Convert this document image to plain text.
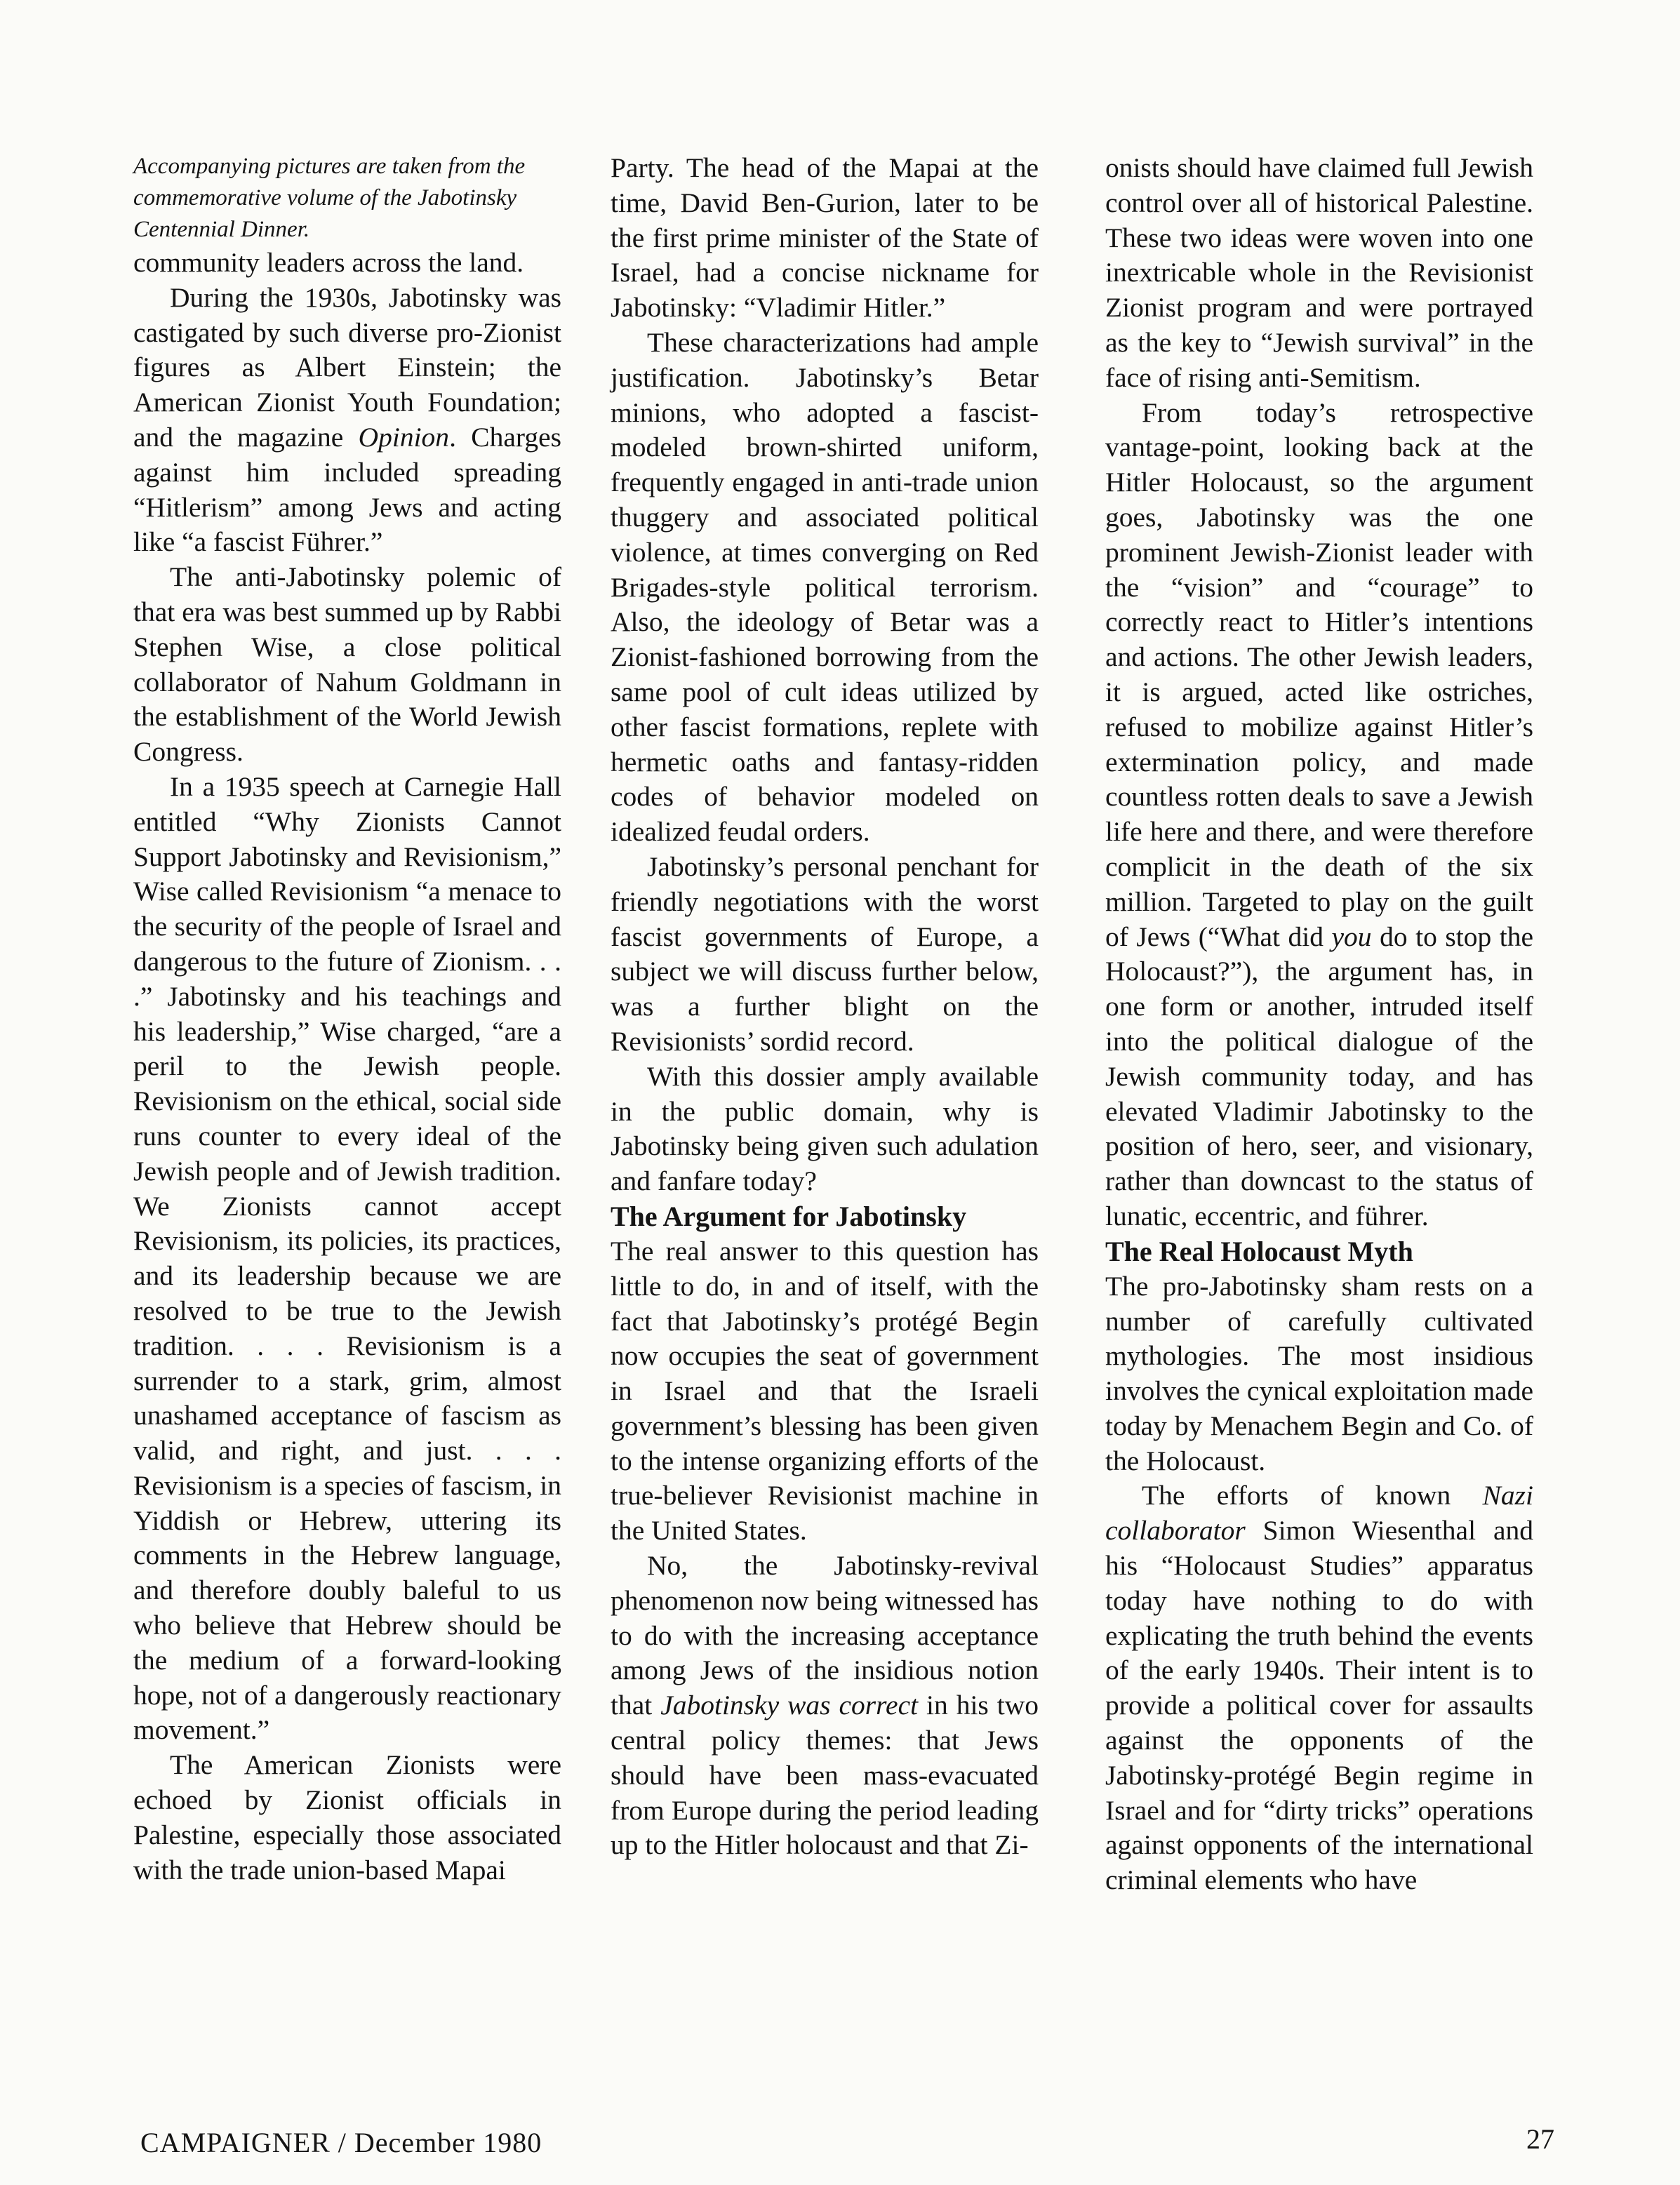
Accompanying pictures are taken from the commemorative volume of the Jabotinsky Centennial Dinner.

community leaders across the land.

During the 1930s, Jabotinsky was castigated by such diverse pro-Zionist figures as Albert Einstein; the American Zionist Youth Foundation; and the magazine Opinion. Charges against him included spreading “Hitlerism” among Jews and acting like “a fascist Führer.”

The anti-Jabotinsky polemic of that era was best summed up by Rabbi Stephen Wise, a close political collaborator of Nahum Goldmann in the establishment of the World Jewish Congress.

In a 1935 speech at Carnegie Hall entitled “Why Zionists Cannot Support Jabotinsky and Revisionism,” Wise called Revisionism “a menace to the security of the people of Israel and dangerous to the future of Zionism. . . .” Jabotinsky and his teachings and his leadership,” Wise charged, “are a peril to the Jewish people. Revisionism on the ethical, social side runs counter to every ideal of the Jewish people and of Jewish tradition. We Zionists cannot accept Revisionism, its policies, its practices, and its leadership because we are resolved to be true to the Jewish tradition. . . . Revisionism is a surrender to a stark, grim, almost unashamed acceptance of fascism as valid, and right, and just. . . . Revisionism is a species of fascism, in Yiddish or Hebrew, uttering its comments in the Hebrew language, and therefore doubly baleful to us who believe that Hebrew should be the medium of a forward-looking hope, not of a dangerously reactionary movement.”

The American Zionists were echoed by Zionist officials in Palestine, especially those associated with the trade union-based Mapai

Party. The head of the Mapai at the time, David Ben-Gurion, later to be the first prime minister of the State of Israel, had a concise nickname for Jabotinsky: “Vladimir Hitler.”

These characterizations had ample justification. Jabotinsky’s Betar minions, who adopted a fascist-modeled brown-shirted uniform, frequently engaged in anti-trade union thuggery and associated political violence, at times converging on Red Brigades-style political terrorism. Also, the ideology of Betar was a Zionist-fashioned borrowing from the same pool of cult ideas utilized by other fascist formations, replete with hermetic oaths and fantasy-ridden codes of behavior modeled on idealized feudal orders.

Jabotinsky’s personal penchant for friendly negotiations with the worst fascist governments of Europe, a subject we will discuss further below, was a further blight on the Revisionists’ sordid record.

With this dossier amply available in the public domain, why is Jabotinsky being given such adulation and fanfare today?

The Argument for Jabotinsky

The real answer to this question has little to do, in and of itself, with the fact that Jabotinsky’s protégé Begin now occupies the seat of government in Israel and that the Israeli government’s blessing has been given to the intense organizing efforts of the true-believer Revisionist machine in the United States.

No, the Jabotinsky-revival phenomenon now being witnessed has to do with the increasing acceptance among Jews of the insidious notion that Jabotinsky was correct in his two central policy themes: that Jews should have been mass-evacuated from Europe during the period leading up to the Hitler holocaust and that Zi-

onists should have claimed full Jewish control over all of historical Palestine. These two ideas were woven into one inextricable whole in the Revisionist Zionist program and were portrayed as the key to “Jewish survival” in the face of rising anti-Semitism.

From today’s retrospective vantage-point, looking back at the Hitler Holocaust, so the argument goes, Jabotinsky was the one prominent Jewish-Zionist leader with the “vision” and “courage” to correctly react to Hitler’s intentions and actions. The other Jewish leaders, it is argued, acted like ostriches, refused to mobilize against Hitler’s extermination policy, and made countless rotten deals to save a Jewish life here and there, and were therefore complicit in the death of the six million. Targeted to play on the guilt of Jews (“What did you do to stop the Holocaust?”), the argument has, in one form or another, intruded itself into the political dialogue of the Jewish community today, and has elevated Vladimir Jabotinsky to the position of hero, seer, and visionary, rather than downcast to the status of lunatic, eccentric, and führer.

The Real Holocaust Myth

The pro-Jabotinsky sham rests on a number of carefully cultivated mythologies. The most insidious involves the cynical exploitation made today by Menachem Begin and Co. of the Holocaust.

The efforts of known Nazi collaborator Simon Wiesenthal and his “Holocaust Studies” apparatus today have nothing to do with explicating the truth behind the events of the early 1940s. Their intent is to provide a political cover for assaults against the opponents of the Jabotinsky-protégé Begin regime in Israel and for “dirty tricks” operations against opponents of the international criminal elements who have

CAMPAIGNER / December 1980	27
